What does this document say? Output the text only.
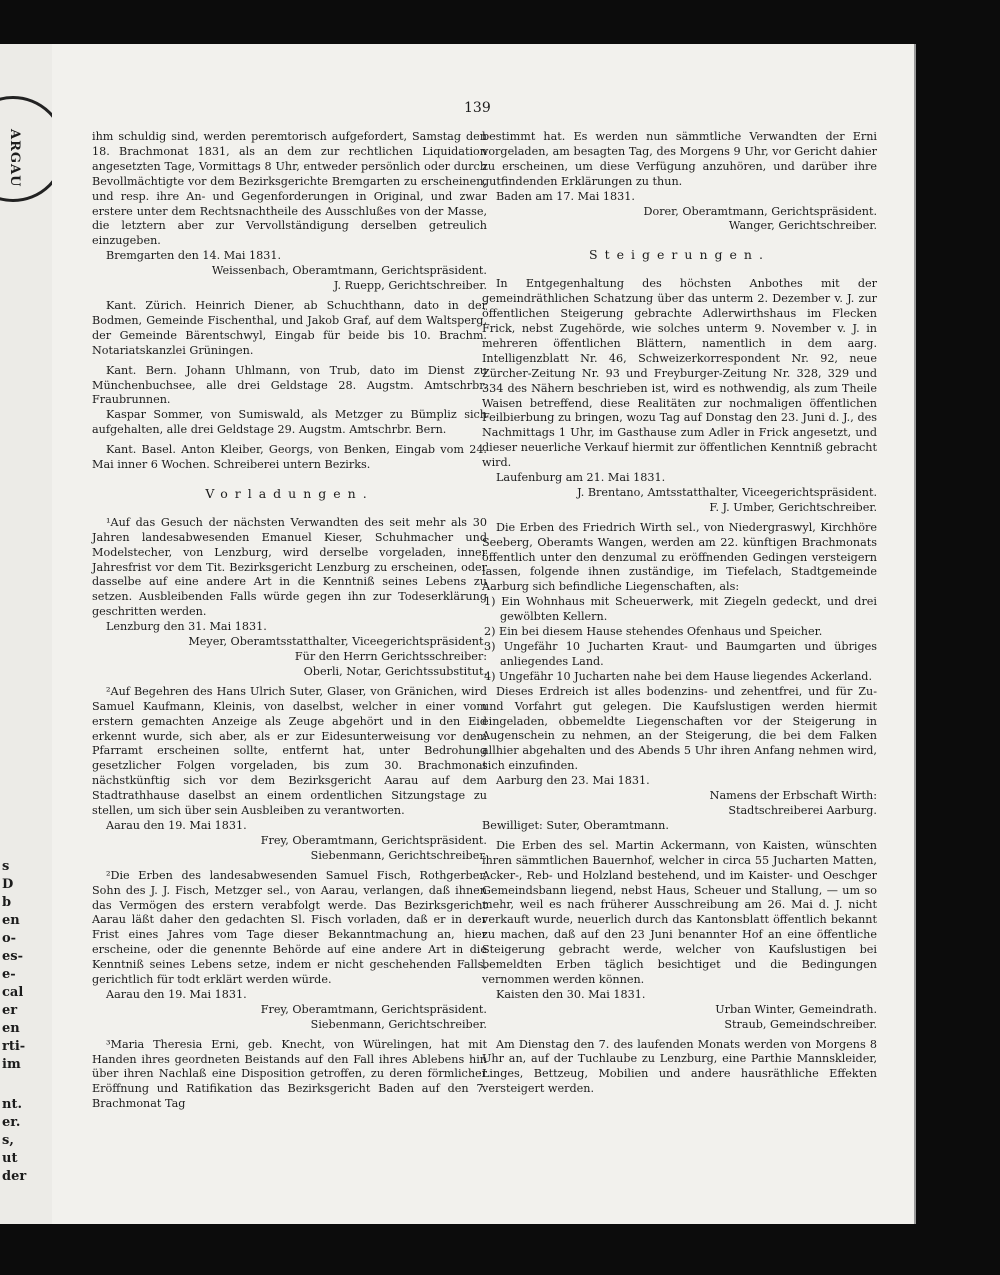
ARGAU
s
D
b
en
o-
es-
e-
cal
er
en
rti-
im
nt.
er.
s,
ut
der
139

ihm schuldig sind, werden peremtorisch aufgefordert, Samstag den 18. Brachmonat 1831, als an dem zur rechtlichen Liquidation angesetzten Tage, Vormittags 8 Uhr, entweder persönlich oder durch Bevollmächtigte vor dem Bezirksgerichte Bremgarten zu erscheinen, und resp. ihre An- und Gegenforderungen in Original, und zwar erstere unter dem Rechtsnachtheile des Ausschlußes von der Masse, die letztern aber zur Vervollständigung derselben getreulich einzugeben.

Bremgarten den 14. Mai 1831.

Weissenbach, Oberamtmann, Gerichtspräsident.

J. Ruepp, Gerichtschreiber.

Kant. Zürich. Heinrich Diener, ab Schuchthann, dato in der Bodmen, Gemeinde Fischenthal, und Jakob Graf, auf dem Waltsperg, der Gemeinde Bärentschwyl, Eingab für beide bis 10. Brachm. Notariatskanzlei Grüningen.

Kant. Bern. Johann Uhlmann, von Trub, dato im Dienst zu Münchenbuchsee, alle drei Geldstage 28. Augstm. Amtschrbr. Fraubrunnen.

Kaspar Sommer, von Sumiswald, als Metzger zu Bümpliz sich aufgehalten, alle drei Geldstage 29. Augstm. Amtschrbr. Bern.

Kant. Basel. Anton Kleiber, Georgs, von Benken, Eingab vom 24. Mai inner 6 Wochen. Schreiberei untern Bezirks.

Vorladungen.

¹Auf das Gesuch der nächsten Verwandten des seit mehr als 30 Jahren landesabwesenden Emanuel Kieser, Schuhmacher und Modelstecher, von Lenzburg, wird derselbe vorgeladen, inner Jahresfrist vor dem Tit. Bezirksgericht Lenzburg zu erscheinen, oder dasselbe auf eine andere Art in die Kenntniß seines Lebens zu setzen. Ausbleibenden Falls würde gegen ihn zur Todeserklärung geschritten werden.

Lenzburg den 31. Mai 1831.

Meyer, Oberamtsstatthalter, Viceegerichtspräsident.

Für den Herrn Gerichtsschreiber:

Oberli, Notar, Gerichtssubstitut.

²Auf Begehren des Hans Ulrich Suter, Glaser, von Gränichen, wird Samuel Kaufmann, Kleinis, von daselbst, welcher in einer vom erstern gemachten Anzeige als Zeuge abgehört und in den Eid erkennt wurde, sich aber, als er zur Eidesunterweisung vor dem Pfarramt erscheinen sollte, entfernt hat, unter Bedrohung gesetzlicher Folgen vorgeladen, bis zum 30. Brachmonat nächstkünftig sich vor dem Bezirksgericht Aarau auf dem Stadtrathhause daselbst an einem ordentlichen Sitzungstage zu stellen, um sich über sein Ausbleiben zu verantworten.

Aarau den 19. Mai 1831.

Frey, Oberamtmann, Gerichtspräsident.

Siebenmann, Gerichtschreiber.

²Die Erben des landesabwesenden Samuel Fisch, Rothgerber, Sohn des J. J. Fisch, Metzger sel., von Aarau, verlangen, daß ihnen das Vermögen des erstern verabfolgt werde. Das Bezirksgericht Aarau läßt daher den gedachten Sl. Fisch vorladen, daß er in der Frist eines Jahres vom Tage dieser Bekanntmachung an, hier erscheine, oder die genennte Behörde auf eine andere Art in die Kenntniß seines Lebens setze, indem er nicht geschehenden Falls, gerichtlich für todt erklärt werden würde.

Aarau den 19. Mai 1831.

Frey, Oberamtmann, Gerichtspräsident.

Siebenmann, Gerichtschreiber.

³Maria Theresia Erni, geb. Knecht, von Würelingen, hat mit Handen ihres geordneten Beistands auf den Fall ihres Ablebens hin über ihren Nachlaß eine Disposition getroffen, zu deren förmlicher Eröffnung und Ratifikation das Bezirksgericht Baden auf den 7. Brachmonat Tag

bestimmt hat. Es werden nun sämmtliche Verwandten der Erni vorgeladen, am besagten Tag, des Morgens 9 Uhr, vor Gericht dahier zu erscheinen, um diese Verfügung anzuhören, und darüber ihre gutfindenden Erklärungen zu thun.

Baden am 17. Mai 1831.

Dorer, Oberamtmann, Gerichtspräsident.

Wanger, Gerichtschreiber.

Steigerungen.

In Entgegenhaltung des höchsten Anbothes mit der gemeindräthlichen Schatzung über das unterm 2. Dezember v. J. zur öffentlichen Steigerung gebrachte Adlerwirthshaus im Flecken Frick, nebst Zugehörde, wie solches unterm 9. November v. J. in mehreren öffentlichen Blättern, namentlich in dem aarg. Intelligenzblatt Nr. 46, Schweizerkorrespondent Nr. 92, neue Zürcher-Zeitung Nr. 93 und Freyburger-Zeitung Nr. 328, 329 und 334 des Nähern beschrieben ist, wird es nothwendig, als zum Theile Waisen betreffend, diese Realitäten zur nochmaligen öffentlichen Feilbierbung zu bringen, wozu Tag auf Donstag den 23. Juni d. J., des Nachmittags 1 Uhr, im Gasthause zum Adler in Frick angesetzt, und dieser neuerliche Verkauf hiermit zur öffentlichen Kenntniß gebracht wird.

Laufenburg am 21. Mai 1831.

J. Brentano, Amtsstatthalter, Viceegerichtspräsident.

F. J. Umber, Gerichtschreiber.

Die Erben des Friedrich Wirth sel., von Niedergraswyl, Kirchhöre Seeberg, Oberamts Wangen, werden am 22. künftigen Brachmonats öffentlich unter den denzumal zu eröffnenden Gedingen versteigern lassen, folgende ihnen zuständige, im Tiefelach, Stadtgemeinde Aarburg sich befindliche Liegenschaften, als:

1) Ein Wohnhaus mit Scheuerwerk, mit Ziegeln gedeckt, und drei gewölbten Kellern.

2) Ein bei diesem Hause stehendes Ofenhaus und Speicher.

3) Ungefähr 10 Jucharten Kraut- und Baumgarten und übriges anliegendes Land.

4) Ungefähr 10 Jucharten nahe bei dem Hause liegendes Ackerland.

Dieses Erdreich ist alles bodenzins- und zehentfrei, und für Zu- und Vorfahrt gut gelegen. Die Kaufslustigen werden hiermit eingeladen, obbemeldte Liegenschaften vor der Steigerung in Augenschein zu nehmen, an der Steigerung, die bei dem Falken allhier abgehalten und des Abends 5 Uhr ihren Anfang nehmen wird, sich einzufinden.

Aarburg den 23. Mai 1831.

Namens der Erbschaft Wirth:

Stadtschreiberei Aarburg.

Bewilliget: Suter, Oberamtmann.

Die Erben des sel. Martin Ackermann, von Kaisten, wünschten ihren sämmtlichen Bauernhof, welcher in circa 55 Jucharten Matten, Acker-, Reb- und Holzland bestehend, und im Kaister- und Oeschger Gemeindsbann liegend, nebst Haus, Scheuer und Stallung, — um so mehr, weil es nach früherer Ausschreibung am 26. Mai d. J. nicht verkauft wurde, neuerlich durch das Kantonsblatt öffentlich bekannt zu machen, daß auf den 23 Juni benannter Hof an eine öffentliche Steigerung gebracht werde, welcher von Kaufslustigen bei bemeldten Erben täglich besichtiget und die Bedingungen vernommen werden können.

Kaisten den 30. Mai 1831.

Urban Winter, Gemeindrath.

Straub, Gemeindschreiber.

Am Dienstag den 7. des laufenden Monats werden von Morgens 8 Uhr an, auf der Tuchlaube zu Lenzburg, eine Parthie Mannskleider, Linges, Bettzeug, Mobilien und andere hausräthliche Effekten versteigert werden.
